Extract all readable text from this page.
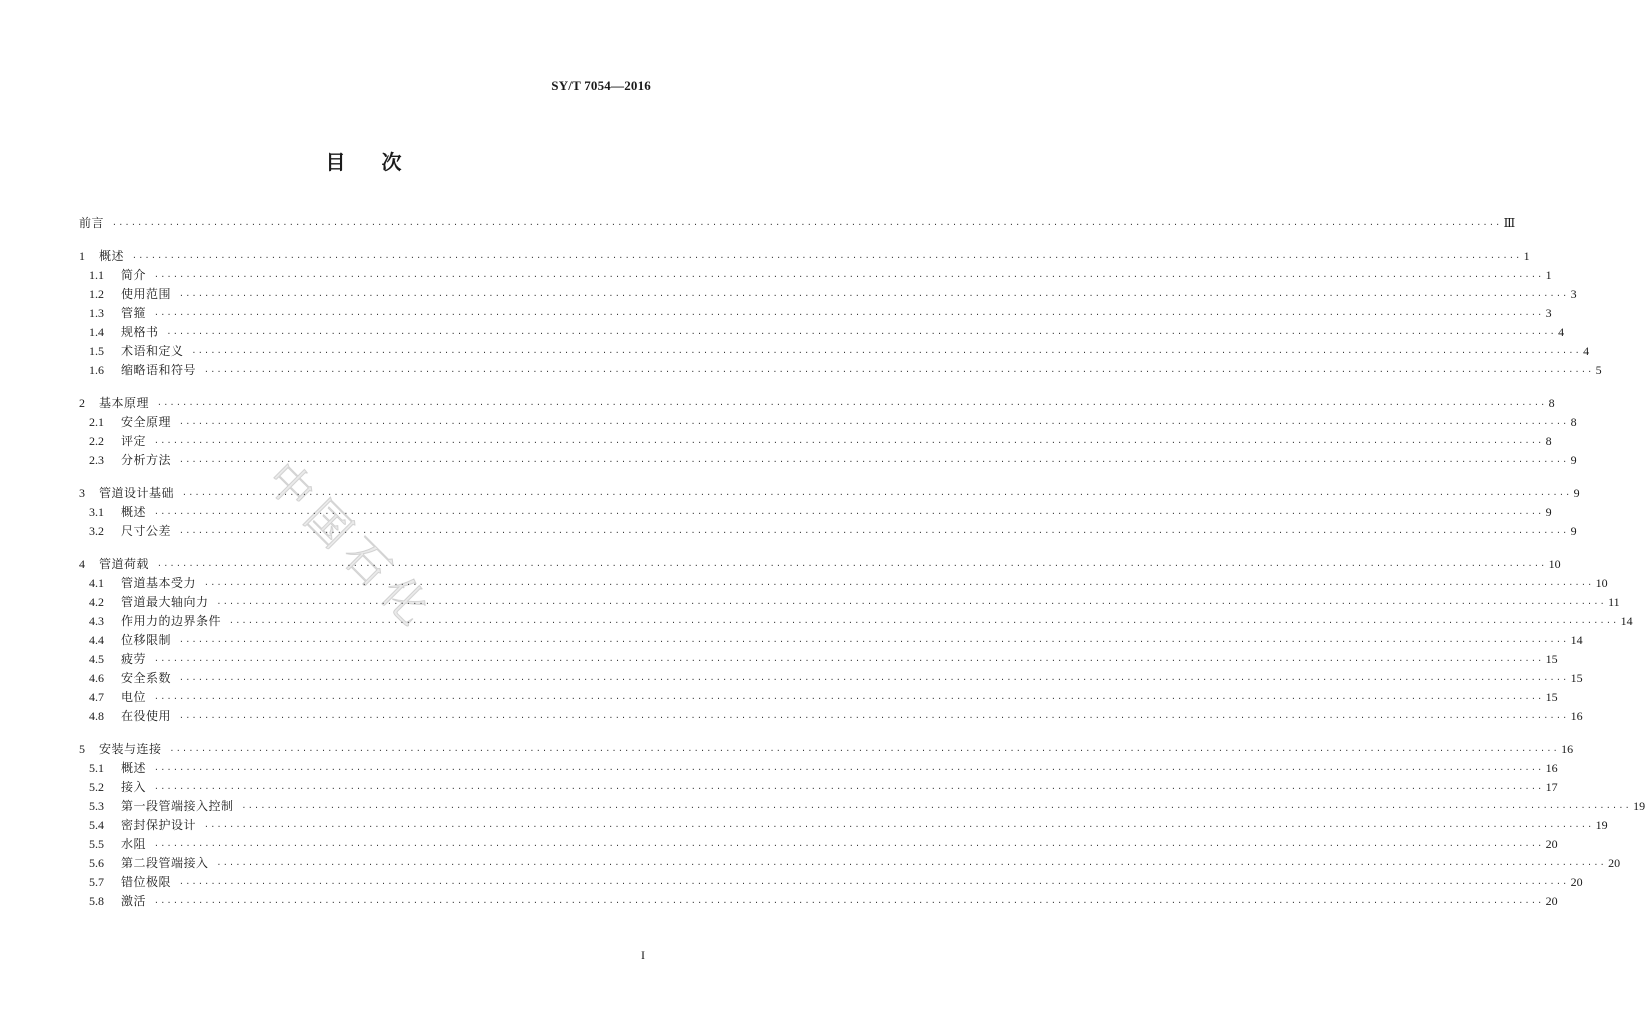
SY/T 7054—2016
目 次
中国石化
前言	···························································································································································································································· Ⅲ
1	概述	···························································································································································································································· 1
1.1	简介	···························································································································································································································· 1
1.2	使用范围	···························································································································································································································· 3
1.3	管箍	···························································································································································································································· 3
1.4	规格书	···························································································································································································································· 4
1.5	术语和定义	···························································································································································································································· 4
1.6	缩略语和符号	···························································································································································································································· 5
2	基本原理	···························································································································································································································· 8
2.1	安全原理	···························································································································································································································· 8
2.2	评定	···························································································································································································································· 8
2.3	分析方法	···························································································································································································································· 9
3	管道设计基础	···························································································································································································································· 9
3.1	概述	···························································································································································································································· 9
3.2	尺寸公差	···························································································································································································································· 9
4	管道荷载	···························································································································································································································· 10
4.1	管道基本受力	···························································································································································································································· 10
4.2	管道最大轴向力	···························································································································································································································· 11
4.3	作用力的边界条件	···························································································································································································································· 14
4.4	位移限制	···························································································································································································································· 14
4.5	疲劳	···························································································································································································································· 15
4.6	安全系数	···························································································································································································································· 15
4.7	电位	···························································································································································································································· 15
4.8	在役使用	···························································································································································································································· 16
5	安装与连接	···························································································································································································································· 16
5.1	概述	···························································································································································································································· 16
5.2	接入	···························································································································································································································· 17
5.3	第一段管端接入控制	···························································································································································································································· 19
5.4	密封保护设计	···························································································································································································································· 19
5.5	水阻	···························································································································································································································· 20
5.6	第二段管端接入	···························································································································································································································· 20
5.7	错位极限	···························································································································································································································· 20
5.8	激活	···························································································································································································································· 20
I
